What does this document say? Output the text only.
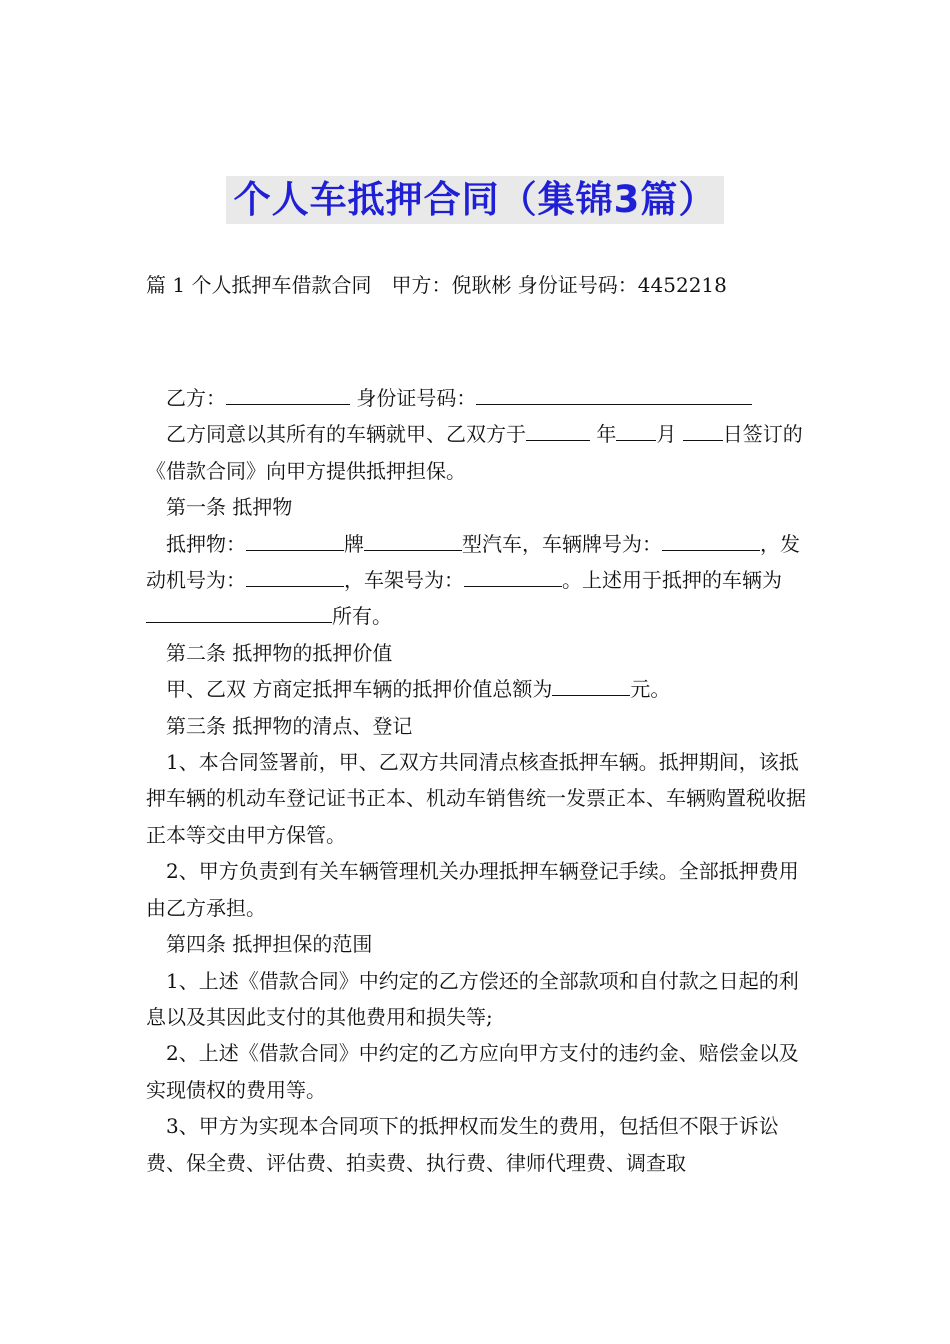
个人车抵押合同（集锦3篇）
篇 1 个人抵押车借款合同　甲方：倪耿彬 身份证号码：4452218

乙方：	身份证号码：

乙方同意以其所有的车辆就甲、乙双方于	年 月 日签订的《借款合同》向甲方提供抵押担保。

第一条 抵押物

抵押物：	牌	型汽车，车辆牌号为：	，发动机号为：	，车架号为：	。上述用于抵押的车辆为所有。

第二条 抵押物的抵押价值

甲、乙双 方商定抵押车辆的抵押价值总额为	元。

第三条 抵押物的清点、登记

1、本合同签署前，甲、乙双方共同清点核查抵押车辆。抵押期间，该抵押车辆的机动车登记证书正本、机动车销售统一发票正本、车辆购置税收据正本等交由甲方保管。

2、甲方负责到有关车辆管理机关办理抵押车辆登记手续。全部抵押费用由乙方承担。

第四条 抵押担保的范围

1、上述《借款合同》中约定的乙方偿还的全部款项和自付款之日起的利息以及其因此支付的其他费用和损失等;

2、上述《借款合同》中约定的乙方应向甲方支付的违约金、赔偿金以及实现债权的费用等。

3、甲方为实现本合同项下的抵押权而发生的费用，包括但不限于诉讼费、保全费、评估费、拍卖费、执行费、律师代理费、调查取
